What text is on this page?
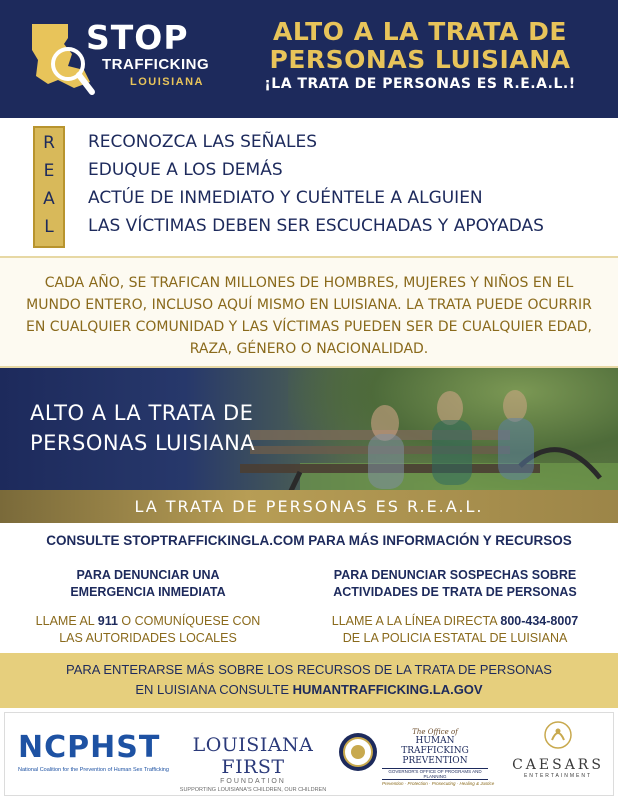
STOP
TRAFFICKING
LOUISIANA
ALTO A LA TRATA DE
PERSONAS LUISIANA
¡LA TRATA DE PERSONAS ES R.E.A.L.!
R
E
A
L
RECONOZCA LAS SEÑALES
EDUQUE A LOS DEMÁS
ACTÚE DE INMEDIATO Y CUÉNTELE A ALGUIEN
LAS VÍCTIMAS DEBEN SER ESCUCHADAS Y APOYADAS

CADA AÑO, SE TRAFICAN MILLONES DE HOMBRES, MUJERES Y NIÑOS EN EL MUNDO ENTERO, INCLUSO AQUÍ MISMO EN LUISIANA. LA TRATA PUEDE OCURRIR EN CUALQUIER COMUNIDAD Y LAS VÍCTIMAS PUEDEN SER DE CUALQUIER EDAD, RAZA, GÉNERO O NACIONALIDAD.

ALTO A LA TRATA DE
PERSONAS LUISIANA
LA TRATA DE PERSONAS ES R.E.A.L.
CONSULTE STOPTRAFFICKINGLA.COM PARA MÁS INFORMACIÓN Y RECURSOS
PARA DENUNCIAR UNA
EMERGENCIA INMEDIATA
LLAME AL 911 O COMUNÍQUESE CON
LAS AUTORIDADES LOCALES
PARA DENUNCIAR SOSPECHAS SOBRE
ACTIVIDADES DE TRATA DE PERSONAS
LLAME A LA LÍNEA DIRECTA 800-434-8007
DE LA POLICIA ESTATAL DE LUISIANA
PARA ENTERARSE MÁS SOBRE LOS RECURSOS DE LA TRATA DE PERSONAS
EN LUISIANA CONSULTE HUMANTRAFFICKING.LA.GOV
NCPHST
National Coalition for the Prevention of Human Sex Trafficking
LOUISIANA FIRST
FOUNDATION
SUPPORTING LOUISIANA'S CHILDREN, OUR CHILDREN
The Office of
HUMAN TRAFFICKING
PREVENTION
GOVERNOR'S OFFICE OF PROGRAMS AND PLANNING
Prevention · Protection · Prosecuting · Healing & Justice
CAESARS
ENTERTAINMENT
